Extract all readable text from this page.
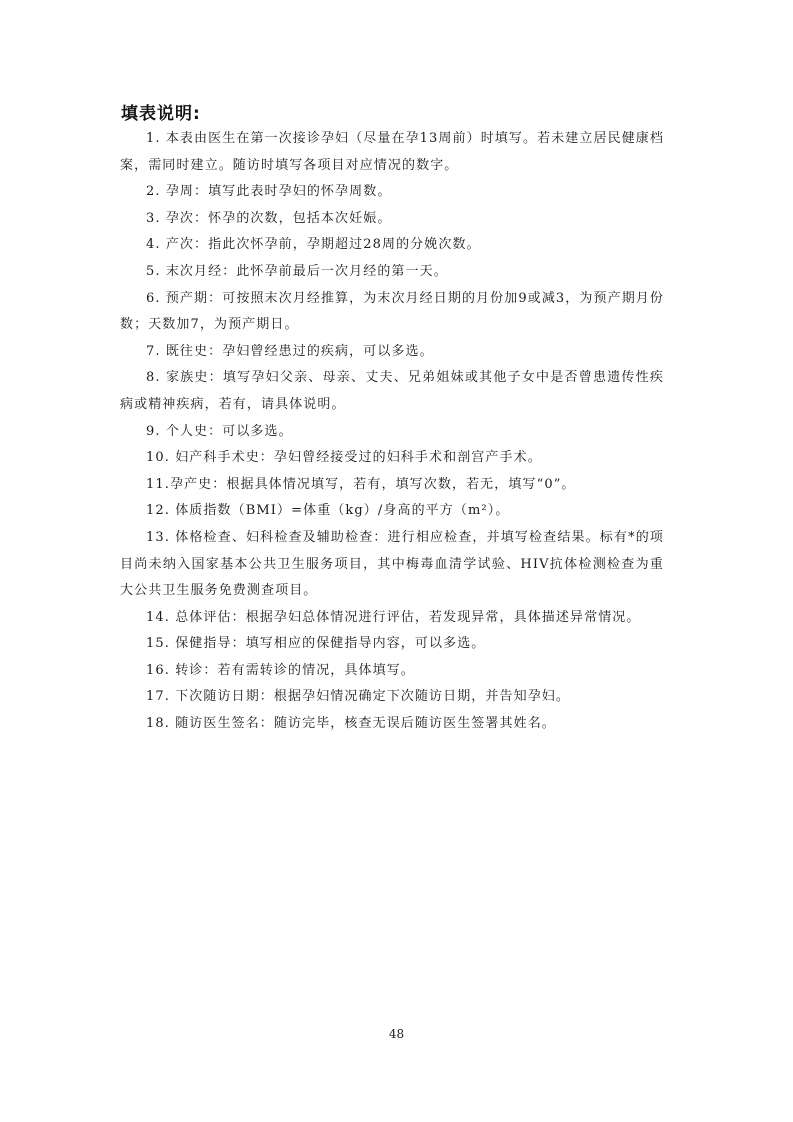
填表说明:

1. 本表由医生在第一次接诊孕妇（尽量在孕13周前）时填写。若未建立居民健康档案，需同时建立。随访时填写各项目对应情况的数字。

2. 孕周：填写此表时孕妇的怀孕周数。

3. 孕次：怀孕的次数，包括本次妊娠。

4. 产次：指此次怀孕前，孕期超过28周的分娩次数。

5. 末次月经：此怀孕前最后一次月经的第一天。

6. 预产期：可按照末次月经推算，为末次月经日期的月份加9或减3，为预产期月份数；天数加7，为预产期日。

7. 既往史：孕妇曾经患过的疾病，可以多选。

8. 家族史：填写孕妇父亲、母亲、丈夫、兄弟姐妹或其他子女中是否曾患遗传性疾病或精神疾病，若有，请具体说明。

9. 个人史：可以多选。

10. 妇产科手术史：孕妇曾经接受过的妇科手术和剖宫产手术。

11.孕产史：根据具体情况填写，若有，填写次数，若无，填写“0”。

12. 体质指数（BMI）=体重（kg）/身高的平方（m²）。

13. 体格检查、妇科检查及辅助检查：进行相应检查，并填写检查结果。标有*的项目尚未纳入国家基本公共卫生服务项目，其中梅毒血清学试验、HIV抗体检测检查为重大公共卫生服务免费测查项目。

14. 总体评估：根据孕妇总体情况进行评估，若发现异常，具体描述异常情况。

15. 保健指导：填写相应的保健指导内容，可以多选。

16. 转诊：若有需转诊的情况，具体填写。

17. 下次随访日期：根据孕妇情况确定下次随访日期，并告知孕妇。

18. 随访医生签名：随访完毕，核查无误后随访医生签署其姓名。

48
